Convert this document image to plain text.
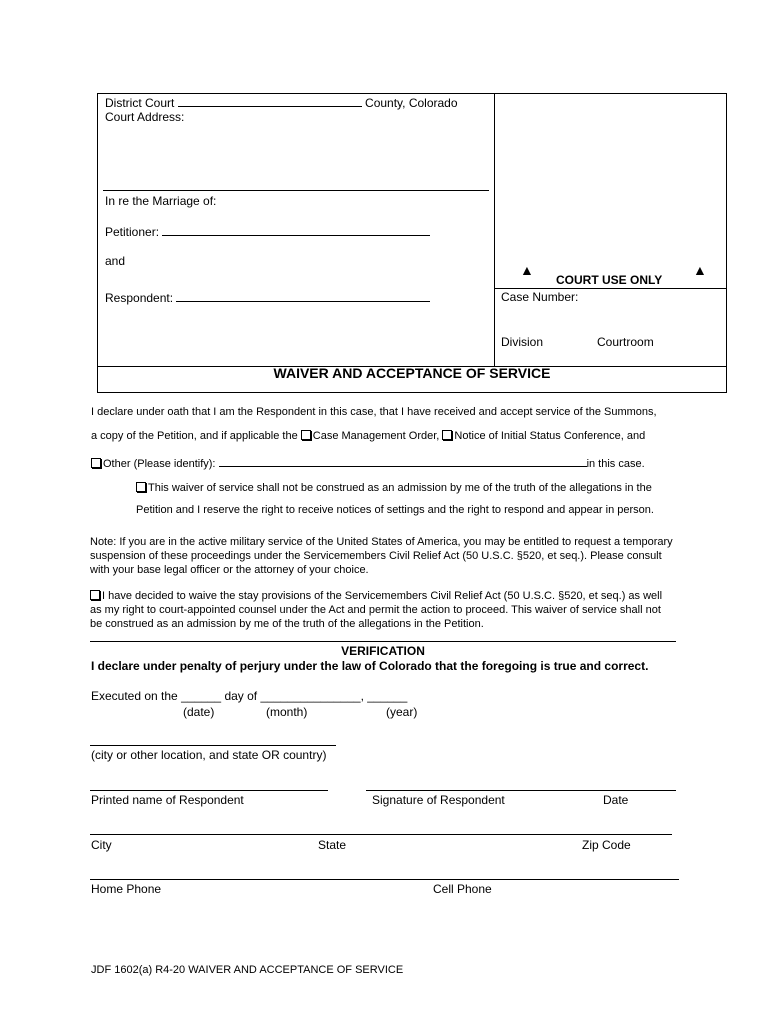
District Court	County, Colorado
Court Address:
In re the Marriage of:
Petitioner:
and
Respondent:
▲
COURT USE ONLY
▲
Case Number:
Division	Courtroom
WAIVER AND ACCEPTANCE OF SERVICE
I declare under oath that I am the Respondent in this case, that I have received and accept service of the Summons,
a copy of the Petition, and if applicable the Case Management Order, Notice of Initial Status Conference, and
Other (Please identify):	in this case.
This waiver of service shall not be construed as an admission by me of the truth of the allegations in the
Petition and I reserve the right to receive notices of settings and the right to respond and appear in person.
Note: If you are in the active military service of the United States of America, you may be entitled to request a temporary suspension of these proceedings under the Servicemembers Civil Relief Act (50 U.S.C. §520, et seq.). Please consult with your base legal officer or the attorney of your choice.
I have decided to waive the stay provisions of the Servicemembers Civil Relief Act (50 U.S.C. §520, et seq.) as well as my right to court-appointed counsel under the Act and permit the action to proceed. This waiver of service shall not be construed as an admission by me of the truth of the allegations in the Petition.
VERIFICATION
I declare under penalty of perjury under the law of Colorado that the foregoing is true and correct.
Executed on the ______ day of _______________, ______
(date)	(month)	(year)
(city or other location, and state OR country)
Printed name of Respondent	Signature of Respondent	Date
City	State	Zip Code
Home Phone	Cell Phone
JDF 1602(a) R4-20 WAIVER AND ACCEPTANCE OF SERVICE
